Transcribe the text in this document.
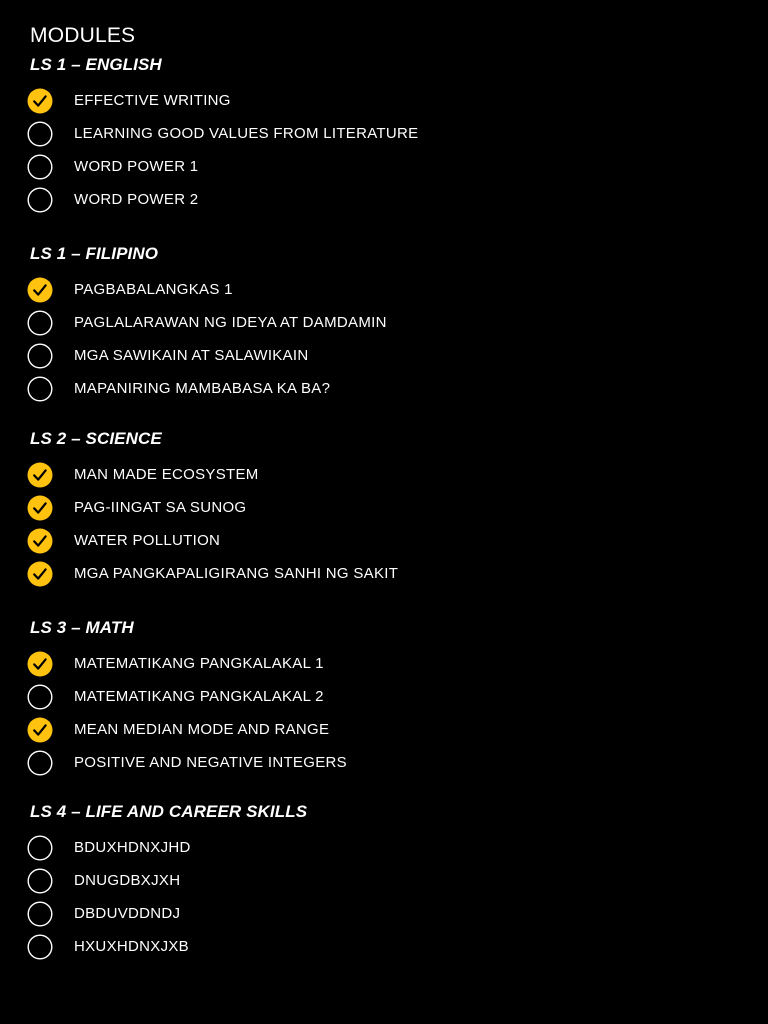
MODULES
LS 1 – ENGLISH
EFFECTIVE WRITING
LEARNING GOOD VALUES FROM LITERATURE
WORD POWER 1
WORD POWER 2
LS 1 – FILIPINO
PAGBABALANGKAS 1
PAGLALARAWAN NG IDEYA AT DAMDAMIN
MGA SAWIKAIN AT SALAWIKAIN
MAPANIRING MAMBABASA KA BA?
LS 2 – SCIENCE
MAN MADE ECOSYSTEM
PAG-IINGAT SA SUNOG
WATER POLLUTION
MGA PANGKAPALIGIRANG SANHI NG SAKIT
LS 3 – MATH
MATEMATIKANG PANGKALAKAL 1
MATEMATIKANG PANGKALAKAL 2
MEAN MEDIAN MODE AND RANGE
POSITIVE AND NEGATIVE INTEGERS
LS 4 – LIFE AND CAREER SKILLS
BDUXHDNXJHD
DNUGDBXJXH
DBDUVDDNDJ
HXUXHDNXJXB
